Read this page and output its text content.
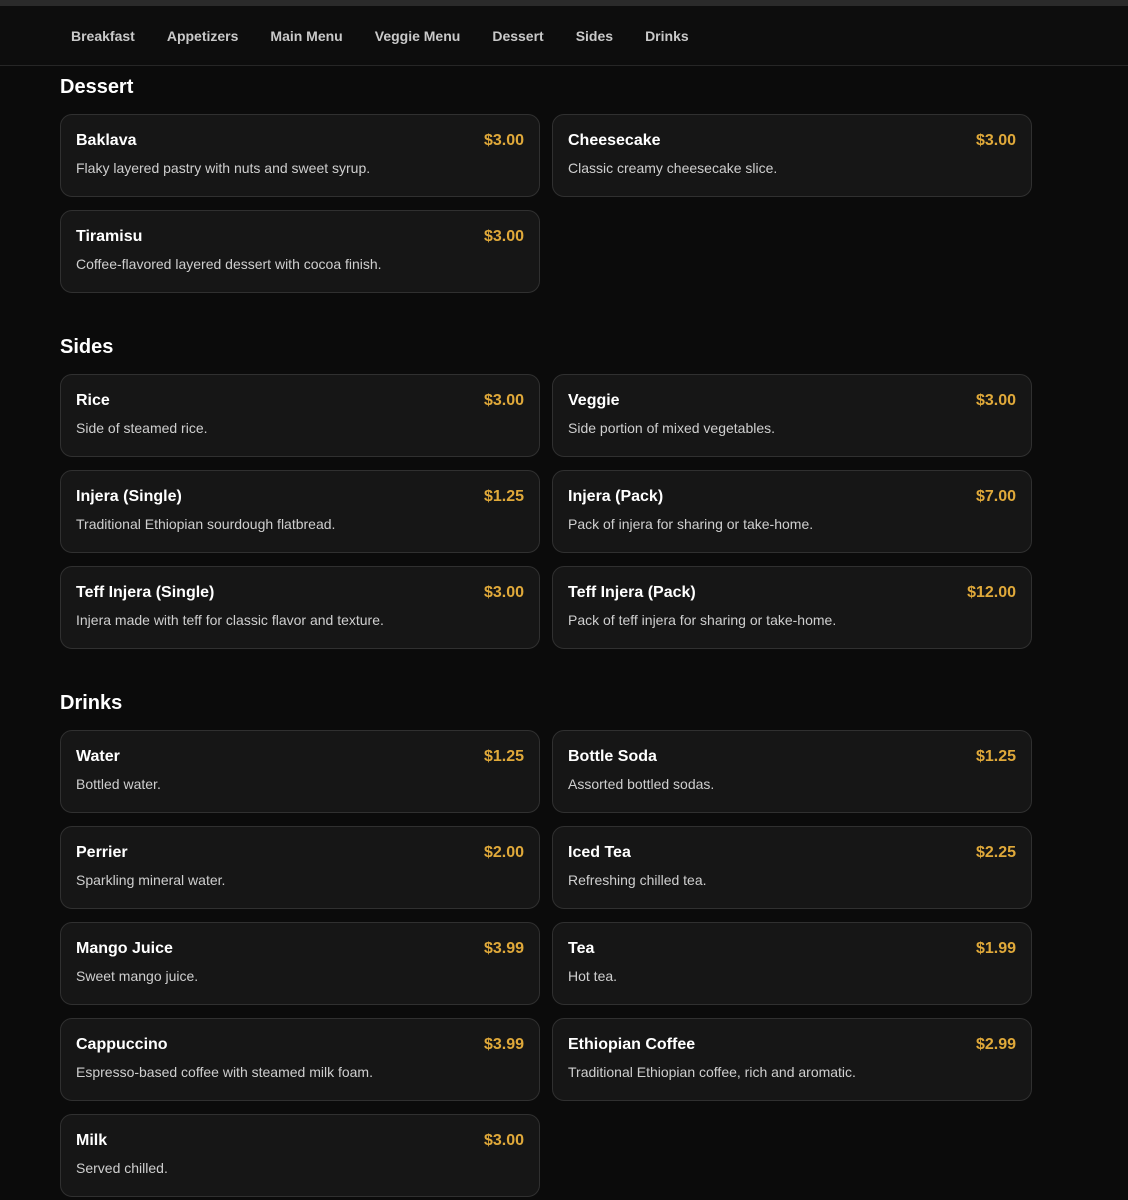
Breakfast	Appetizers	Main Menu	Veggie Menu	Dessert	Sides	Drinks
Dessert
Baklava	$3.00
Flaky layered pastry with nuts and sweet syrup.
Cheesecake	$3.00
Classic creamy cheesecake slice.
Tiramisu	$3.00
Coffee-flavored layered dessert with cocoa finish.
Sides
Rice	$3.00
Side of steamed rice.
Veggie	$3.00
Side portion of mixed vegetables.
Injera (Single)	$1.25
Traditional Ethiopian sourdough flatbread.
Injera (Pack)	$7.00
Pack of injera for sharing or take-home.
Teff Injera (Single)	$3.00
Injera made with teff for classic flavor and texture.
Teff Injera (Pack)	$12.00
Pack of teff injera for sharing or take-home.
Drinks
Water	$1.25
Bottled water.
Bottle Soda	$1.25
Assorted bottled sodas.
Perrier	$2.00
Sparkling mineral water.
Iced Tea	$2.25
Refreshing chilled tea.
Mango Juice	$3.99
Sweet mango juice.
Tea	$1.99
Hot tea.
Cappuccino	$3.99
Espresso-based coffee with steamed milk foam.
Ethiopian Coffee	$2.99
Traditional Ethiopian coffee, rich and aromatic.
Milk	$3.00
Served chilled.
